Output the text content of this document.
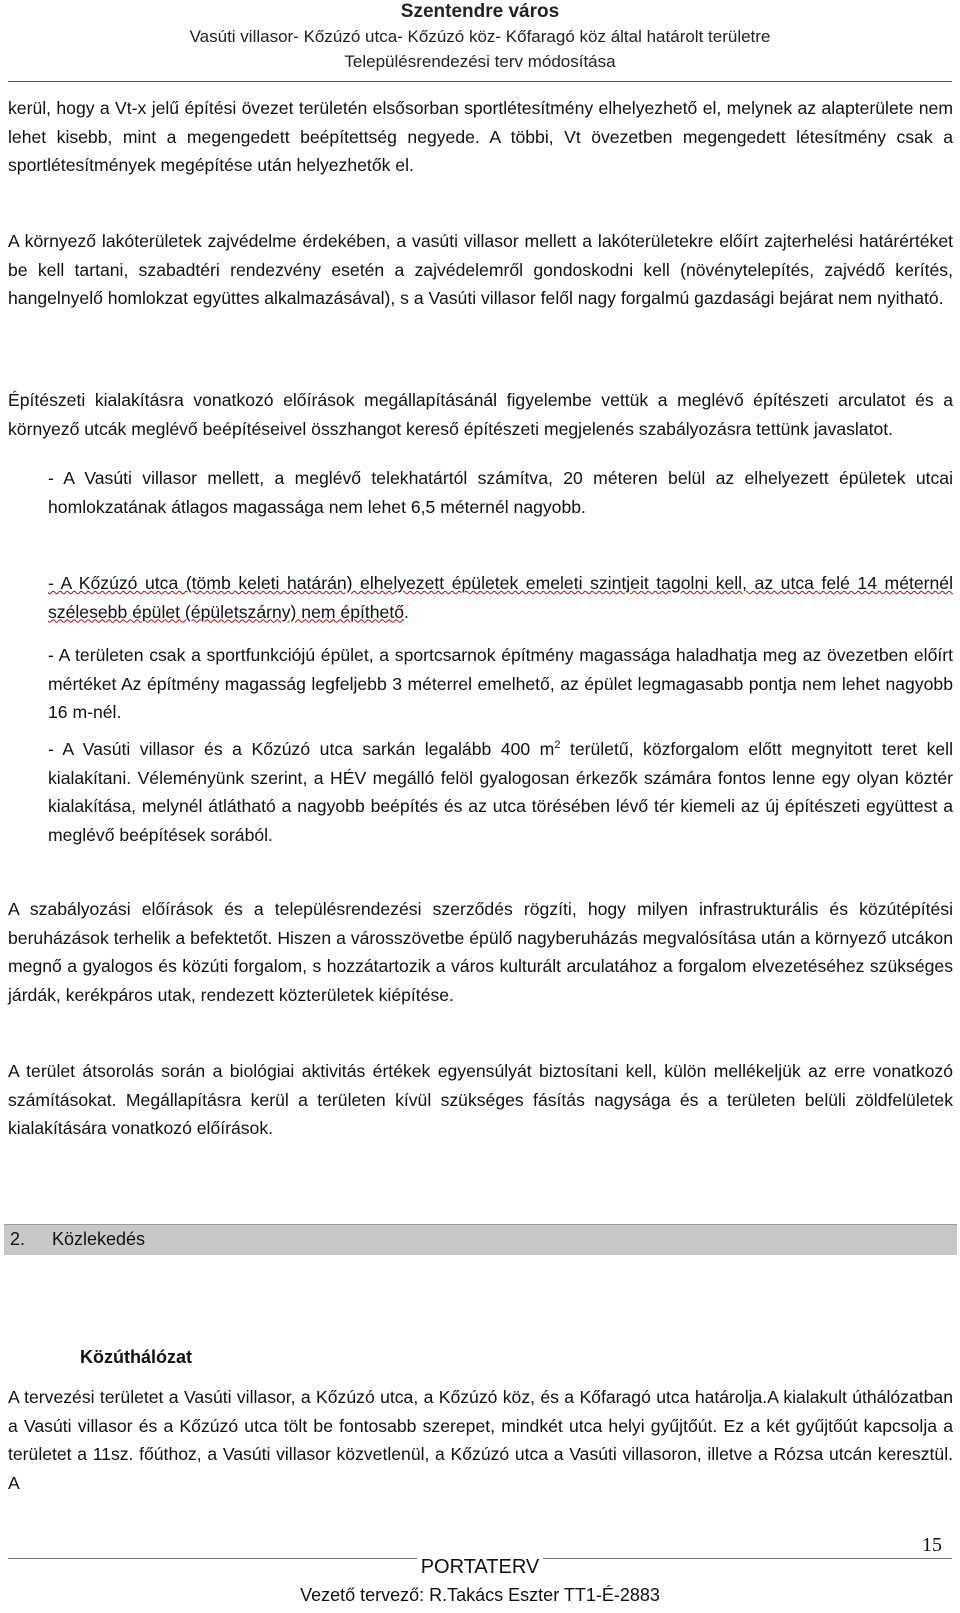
Szentendre város
Vasúti villasor- Kőzúzó utca- Kőzúzó köz- Kőfaragó köz által határolt területre
Településrendezési terv módosítása

kerül, hogy a Vt-x jelű építési övezet területén elsősorban sportlétesítmény elhelyezhető el, melynek az alapterülete nem lehet kisebb, mint a megengedett beépítettség negyede. A többi, Vt övezetben megengedett létesítmény csak a sportlétesítmények megépítése után helyezhetők el.

A környező lakóterületek zajvédelme érdekében, a vasúti villasor mellett a lakóterületekre előírt zajterhelési határértéket be kell tartani, szabadtéri rendezvény esetén a zajvédelemről gondoskodni kell (növénytelepítés, zajvédő kerítés, hangelnyelő homlokzat együttes alkalmazásával), s a Vasúti villasor felől nagy forgalmú gazdasági bejárat nem nyitható.

Építészeti kialakításra vonatkozó előírások megállapításánál figyelembe vettük a meglévő építészeti arculatot és a környező utcák meglévő beépítéseivel összhangot kereső építészeti megjelenés szabályozásra tettünk javaslatot.

- A Vasúti villasor mellett, a meglévő telekhatártól számítva, 20 méteren belül az elhelyezett épületek utcai homlokzatának átlagos magassága nem lehet 6,5 méternél nagyobb.

- A Kőzúzó utca (tömb keleti határán) elhelyezett épületek emeleti szintjeit tagolni kell, az utca felé 14 méternél szélesebb épület (épületszárny) nem építhető.

- A területen csak a sportfunkciójú épület, a sportcsarnok építmény magassága haladhatja meg az övezetben előírt mértéket Az építmény magasság legfeljebb 3 méterrel emelhető, az épület legmagasabb pontja nem lehet nagyobb 16 m-nél.

- A Vasúti villasor és a Kőzúzó utca sarkán legalább 400 $m^2$ területű, közforgalom előtt megnyitott teret kell kialakítani. Véleményünk szerint, a HÉV megálló felöl gyalogosan érkezők számára fontos lenne egy olyan köztér kialakítása, melynél átlátható a nagyobb beépítés és az utca törésében lévő tér kiemeli az új építészeti együttest a meglévő beépítések sorából.

A szabályozási előírások és a településrendezési szerződés rögzíti, hogy milyen infrastrukturális és közútépítési beruházások terhelik a befektetőt. Hiszen a városszövetbe épülő nagyberuházás megvalósítása után a környező utcákon megnő a gyalogos és közúti forgalom, s hozzátartozik a város kulturált arculatához a forgalom elvezetéséhez szükséges járdák, kerékpáros utak, rendezett közterületek kiépítése.

A terület átsorolás során a biológiai aktivitás értékek egyensúlyát biztosítani kell, külön mellékeljük az erre vonatkozó számításokat. Megállapításra kerül a területen kívül szükséges fásítás nagysága és a területen belüli zöldfelületek kialakítására vonatkozó előírások.

2. Közlekedés
Közúthálózat

A tervezési területet a Vasúti villasor, a Kőzúzó utca, a Kőzúzó köz, és a Kőfaragó utca határolja.A kialakult úthálózatban a Vasúti villasor és a Kőzúzó utca tölt be fontosabb szerepet, mindkét utca helyi gyűjtőút. Ez a két gyűjtőút kapcsolja a területet a 11sz. főúthoz, a Vasúti villasor közvetlenül, a Kőzúzó utca a Vasúti villasoron, illetve a Rózsa utcán keresztül. A

15
PORTATERV
Vezető tervező: R.Takács Eszter TT1-É-2883
